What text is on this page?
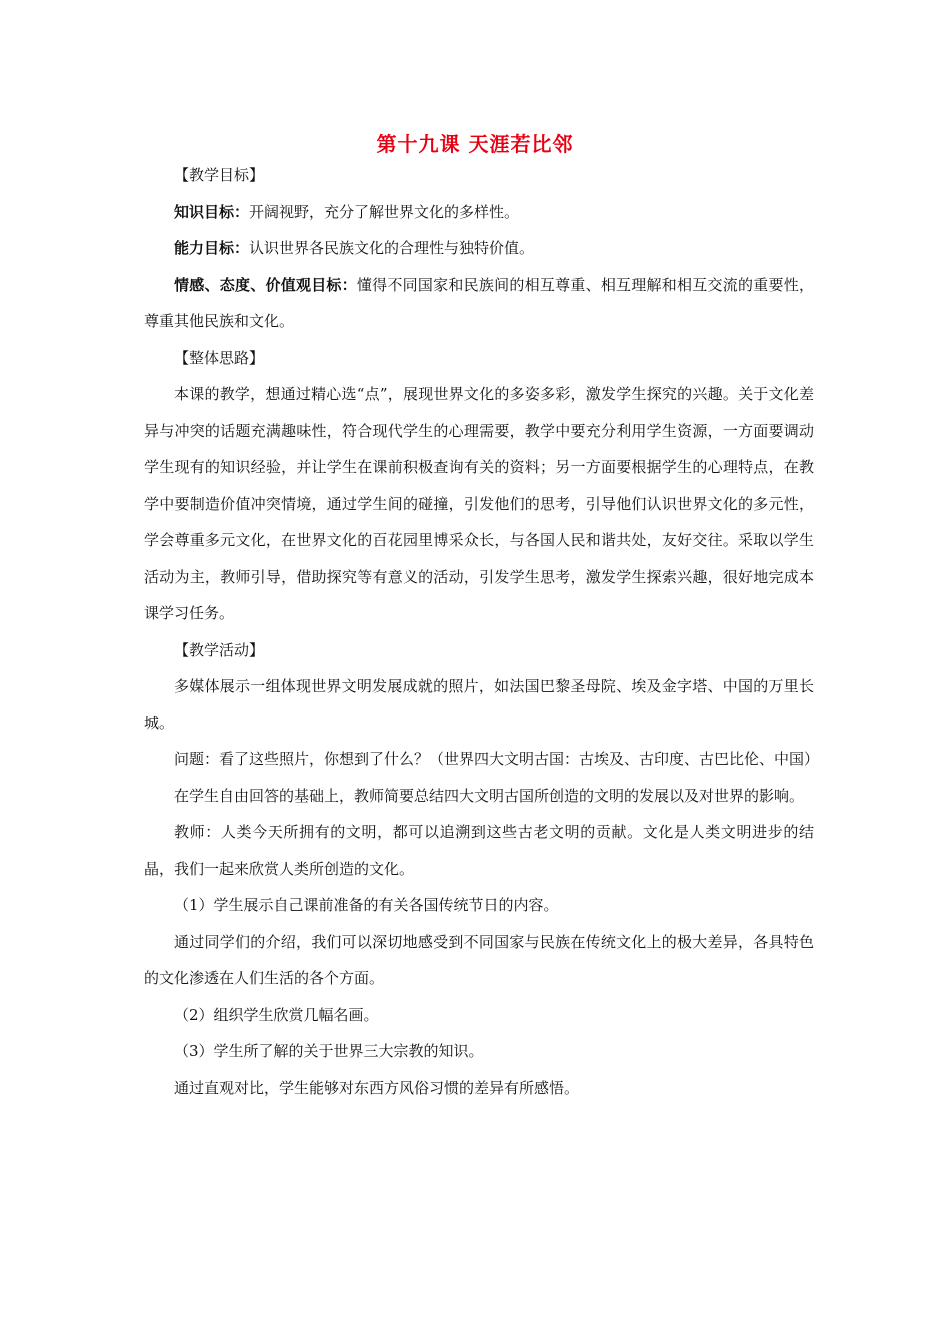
第十九课 天涯若比邻

【教学目标】

知识目标：开阔视野，充分了解世界文化的多样性。

能力目标：认识世界各民族文化的合理性与独特价值。

情感、态度、价值观目标：懂得不同国家和民族间的相互尊重、相互理解和相互交流的重要性，尊重其他民族和文化。

【整体思路】

本课的教学，想通过精心选“点”，展现世界文化的多姿多彩，激发学生探究的兴趣。关于文化差异与冲突的话题充满趣味性，符合现代学生的心理需要，教学中要充分利用学生资源，一方面要调动学生现有的知识经验，并让学生在课前积极查询有关的资料；另一方面要根据学生的心理特点，在教学中要制造价值冲突情境，通过学生间的碰撞，引发他们的思考，引导他们认识世界文化的多元性，学会尊重多元文化，在世界文化的百花园里博采众长，与各国人民和谐共处，友好交往。采取以学生活动为主，教师引导，借助探究等有意义的活动，引发学生思考，激发学生探索兴趣，很好地完成本课学习任务。

【教学活动】

多媒体展示一组体现世界文明发展成就的照片，如法国巴黎圣母院、埃及金字塔、中国的万里长城。

问题：看了这些照片，你想到了什么？（世界四大文明古国：古埃及、古印度、古巴比伦、中国）

在学生自由回答的基础上，教师简要总结四大文明古国所创造的文明的发展以及对世界的影响。

教师：人类今天所拥有的文明，都可以追溯到这些古老文明的贡献。文化是人类文明进步的结晶，我们一起来欣赏人类所创造的文化。

（1）学生展示自己课前准备的有关各国传统节日的内容。

通过同学们的介绍，我们可以深切地感受到不同国家与民族在传统文化上的极大差异，各具特色的文化渗透在人们生活的各个方面。

（2）组织学生欣赏几幅名画。

（3）学生所了解的关于世界三大宗教的知识。

通过直观对比，学生能够对东西方风俗习惯的差异有所感悟。
